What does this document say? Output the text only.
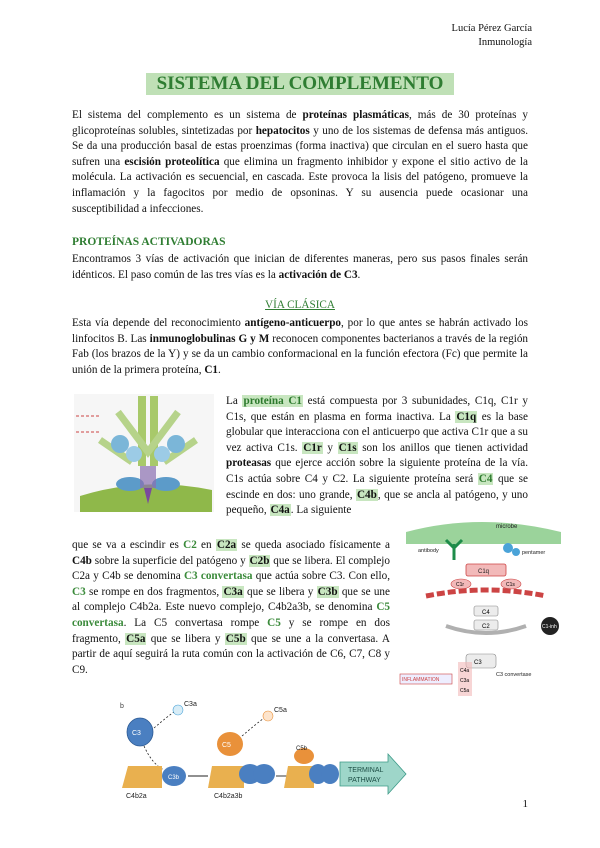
Lucía Pérez García
Inmunología
SISTEMA DEL COMPLEMENTO
El sistema del complemento es un sistema de proteínas plasmáticas, más de 30 proteínas y glicoproteínas solubles, sintetizadas por hepatocitos y uno de los sistemas de defensa más antiguos. Se da una producción basal de estas proenzimas (forma inactiva) que circulan en el suero hasta que sufren una escisión proteolítica que elimina un fragmento inhibidor y expone el sitio activo de la molécula. La activación es secuencial, en cascada. Este provoca la lisis del patógeno, promueve la inflamación y la fagocitos por medio de opsoninas. Y su ausencia puede ocasionar una susceptibilidad a infecciones.
PROTEÍNAS ACTIVADORAS
Encontramos 3 vías de activación que inician de diferentes maneras, pero sus pasos finales serán idénticos. El paso común de las tres vías es la activación de C3.
VÍA CLÁSICA
Esta vía depende del reconocimiento antígeno-anticuerpo, por lo que antes se habrán activado los linfocitos B. Las inmunoglobulinas G y M reconocen componentes bacterianos a través de la región Fab (los brazos de la Y) y se da un cambio conformacional en la función efectora (Fc) que permite la unión de la primera proteína, C1.
La proteína C1 está compuesta por 3 subunidades, C1q, C1r y C1s, que están en plasma en forma inactiva. La C1q es la base globular que interacciona con el anticuerpo que activa C1r que a su vez activa C1s. C1r y C1s son los anillos que tienen actividad proteasas que ejerce acción sobre la siguiente proteína de la vía. C1s actúa sobre C4 y C2. La siguiente proteína será C4 que se escinde en dos: uno grande, C4b, que se ancla al patógeno, y uno pequeño, C4a. La siguiente
que se va a escindir es C2 en C2a se queda asociado físicamente a C4b sobre la superficie del patógeno y C2b que se libera. El complejo C2a y C4b se denomina C3 convertasa que actúa sobre C3. Con ello, C3 se rompe en dos fragmentos, C3a que se libera y C3b que se une al complejo C4b2a. Este nuevo complejo, C4b2a3b, se denomina C5 convertasa. La C5 convertasa rompe C5 y se rompe en dos fragmento, C5a que se libera y C5b que se une a la convertasa. A partir de aquí seguirá la ruta común con la activación de C6, C7, C8 y C9.
microbe
antibody	pentamer
C1q
C1r	C1s
C4
C2	C1-inh
C3
C4a
C3a
C5a
INFLAMMATION
C3 convertase
b
C3
C3a
C3b
C4b2a
C5
C5a
C4b2a3b
C5b
TERMINAL
PATHWAY
1
